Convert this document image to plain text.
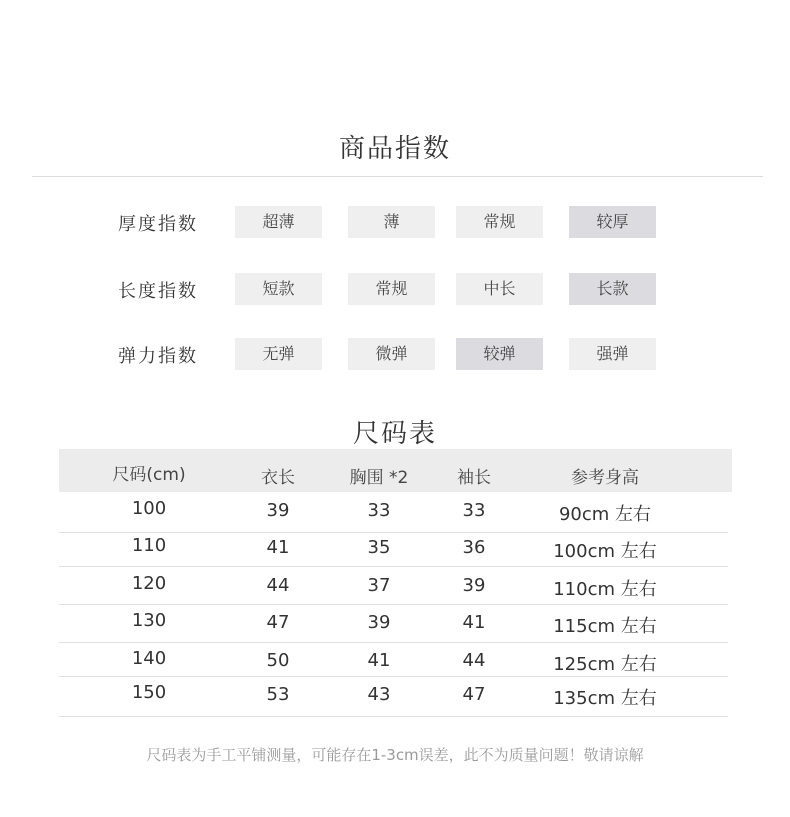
商品指数
厚度指数	超薄	薄	常规	较厚
长度指数	短款	常规	中长	长款
弹力指数	无弹	微弹	较弹	强弹
尺码表
尺码(cm)	衣长	胸围 *2	袖长	参考身高
100	39	33	33	90cm 左右
110	41	35	36	100cm 左右
120	44	37	39	110cm 左右
130	47	39	41	115cm 左右
140	50	41	44	125cm 左右
150	53	43	47	135cm 左右
尺码表为手工平铺测量，可能存在1-3cm误差，此不为质量问题！敬请谅解
